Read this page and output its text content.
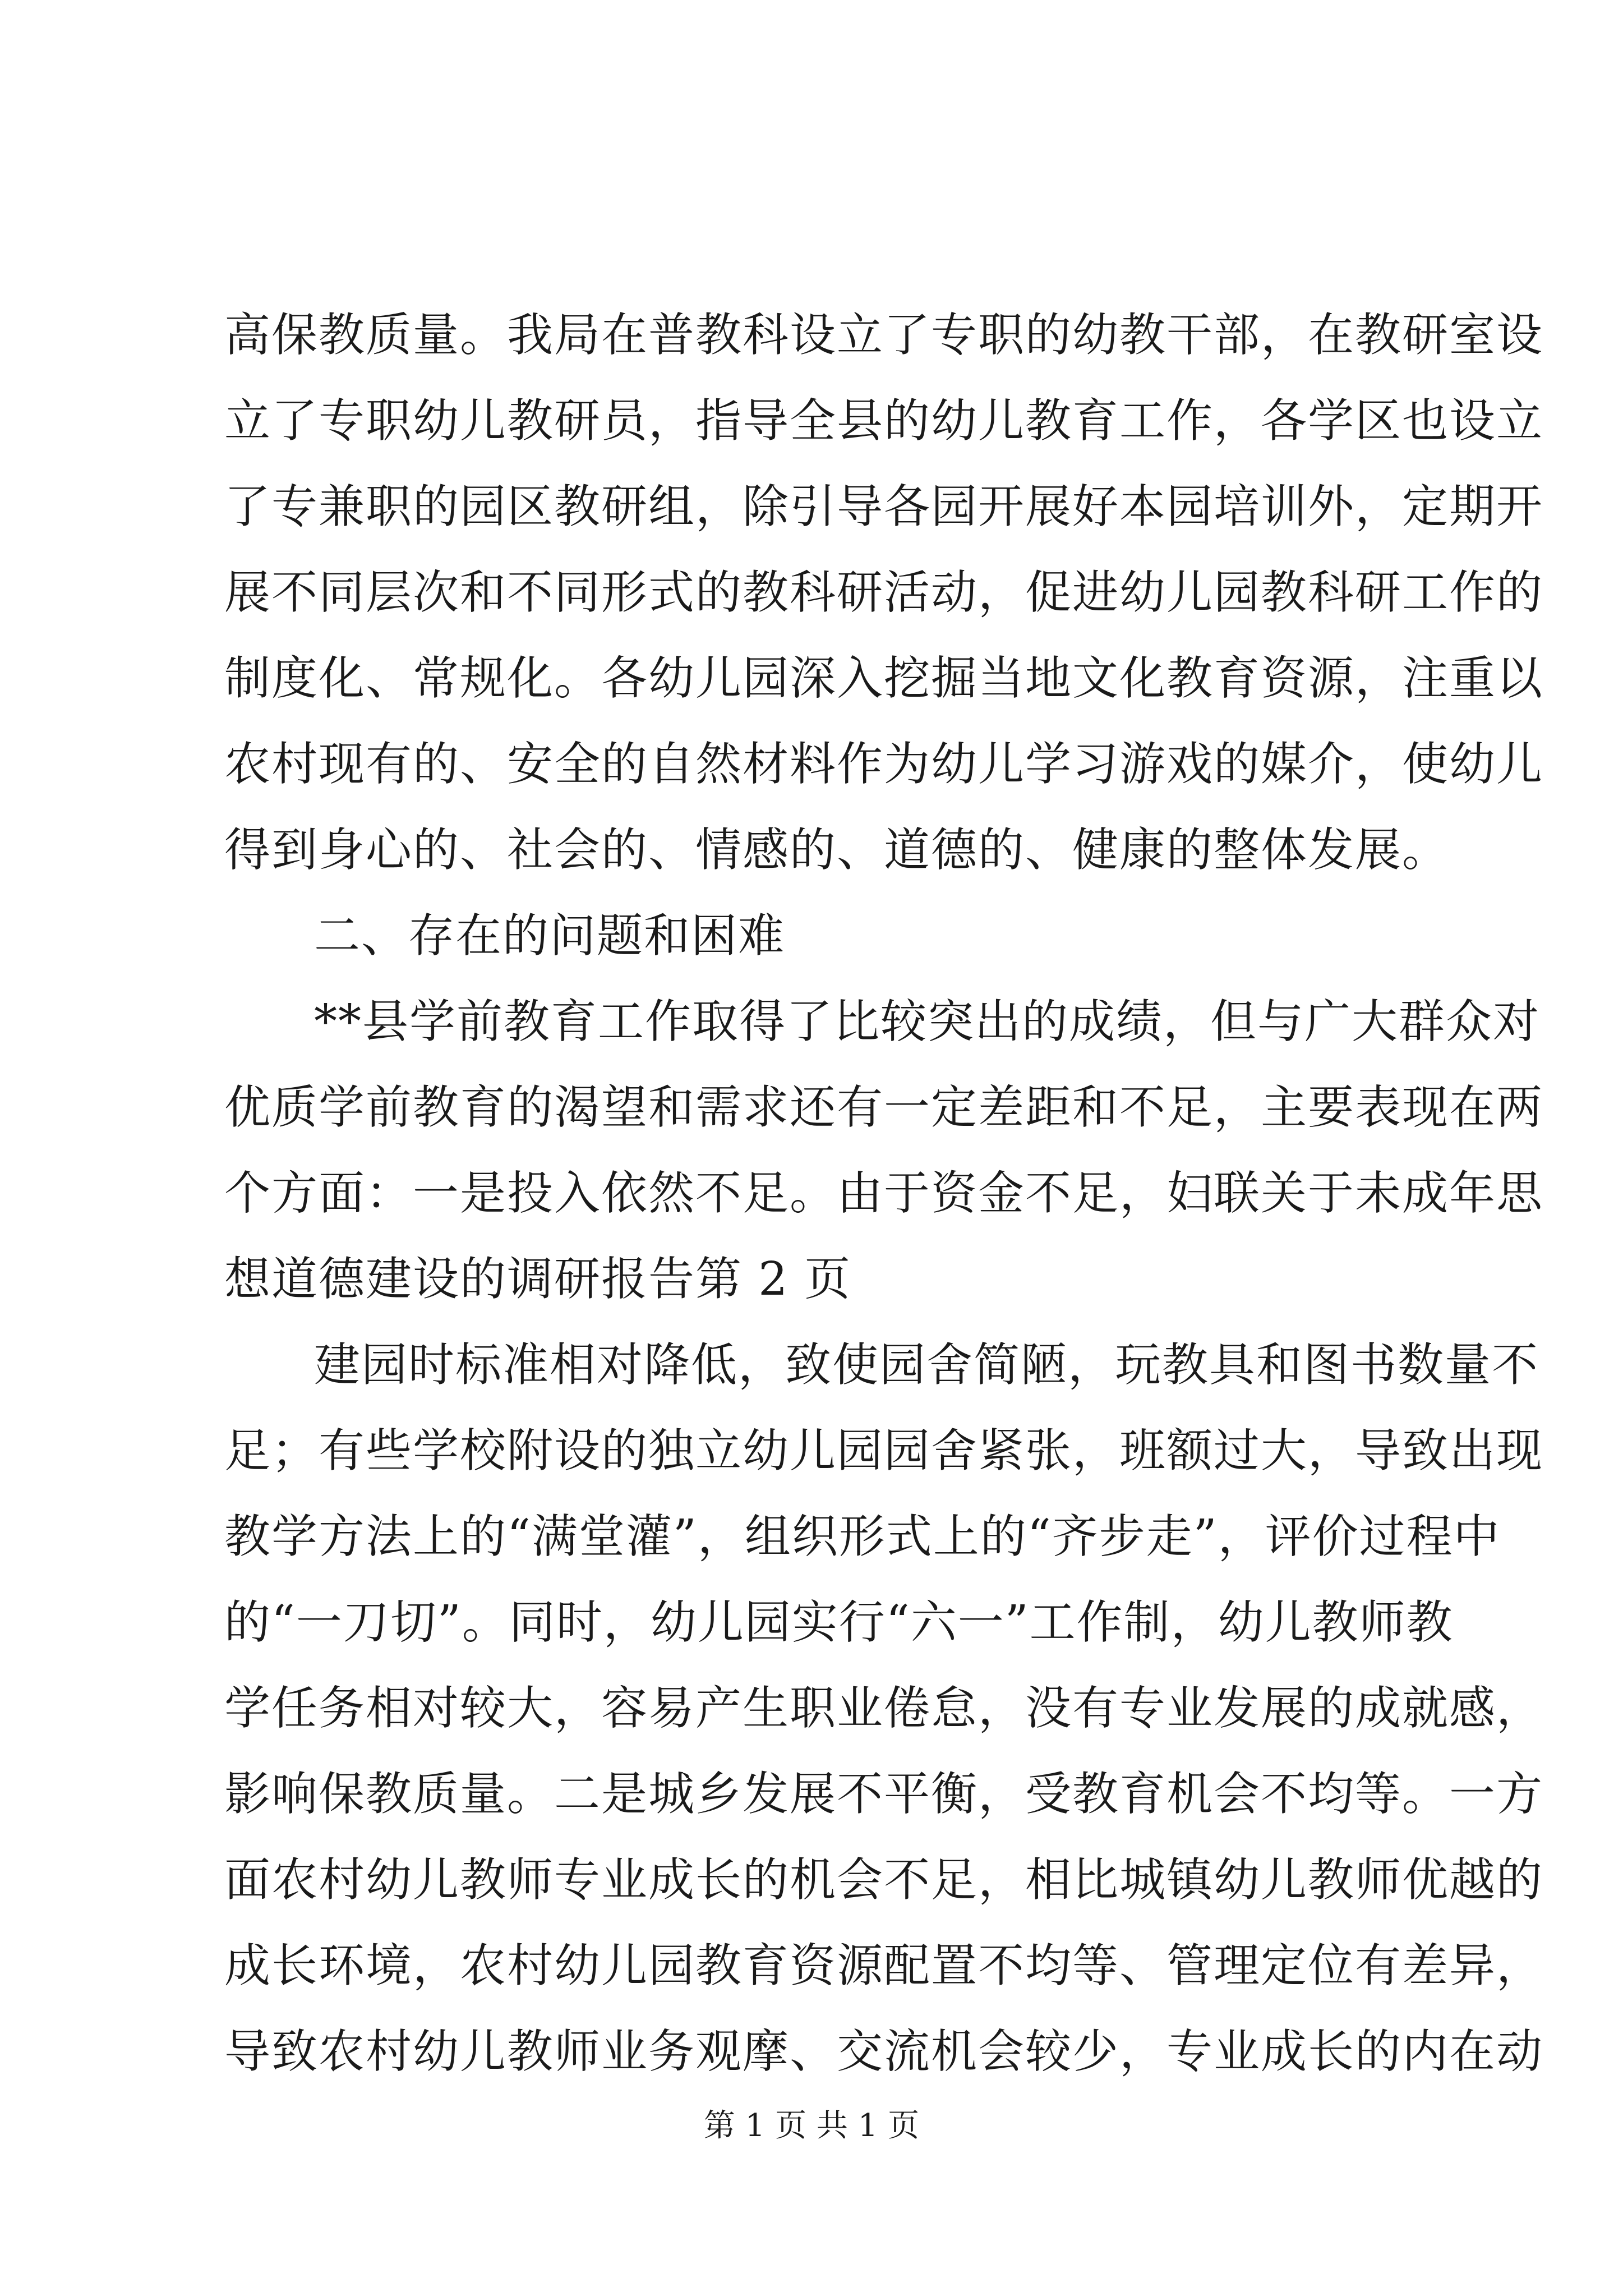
高保教质量。我局在普教科设立了专职的幼教干部，在教研室设
立了专职幼儿教研员，指导全县的幼儿教育工作，各学区也设立
了专兼职的园区教研组，除引导各园开展好本园培训外，定期开
展不同层次和不同形式的教科研活动，促进幼儿园教科研工作的
制度化、常规化。各幼儿园深入挖掘当地文化教育资源，注重以
农村现有的、安全的自然材料作为幼儿学习游戏的媒介，使幼儿
得到身心的、社会的、情感的、道德的、健康的整体发展。
二、存在的问题和困难
**县学前教育工作取得了比较突出的成绩，但与广大群众对
优质学前教育的渴望和需求还有一定差距和不足，主要表现在两
个方面：一是投入依然不足。由于资金不足，妇联关于未成年思
想道德建设的调研报告第 2 页
建园时标准相对降低，致使园舍简陋，玩教具和图书数量不
足；有些学校附设的独立幼儿园园舍紧张，班额过大，导致出现
教学方法上的“满堂灌”，组织形式上的“齐步走”，评价过程中
的“一刀切”。同时，幼儿园实行“六一”工作制，幼儿教师教
学任务相对较大，容易产生职业倦怠，没有专业发展的成就感，
影响保教质量。二是城乡发展不平衡，受教育机会不均等。一方
面农村幼儿教师专业成长的机会不足，相比城镇幼儿教师优越的
成长环境，农村幼儿园教育资源配置不均等、管理定位有差异，
导致农村幼儿教师业务观摩、交流机会较少，专业成长的内在动
第 1 页 共 1 页
